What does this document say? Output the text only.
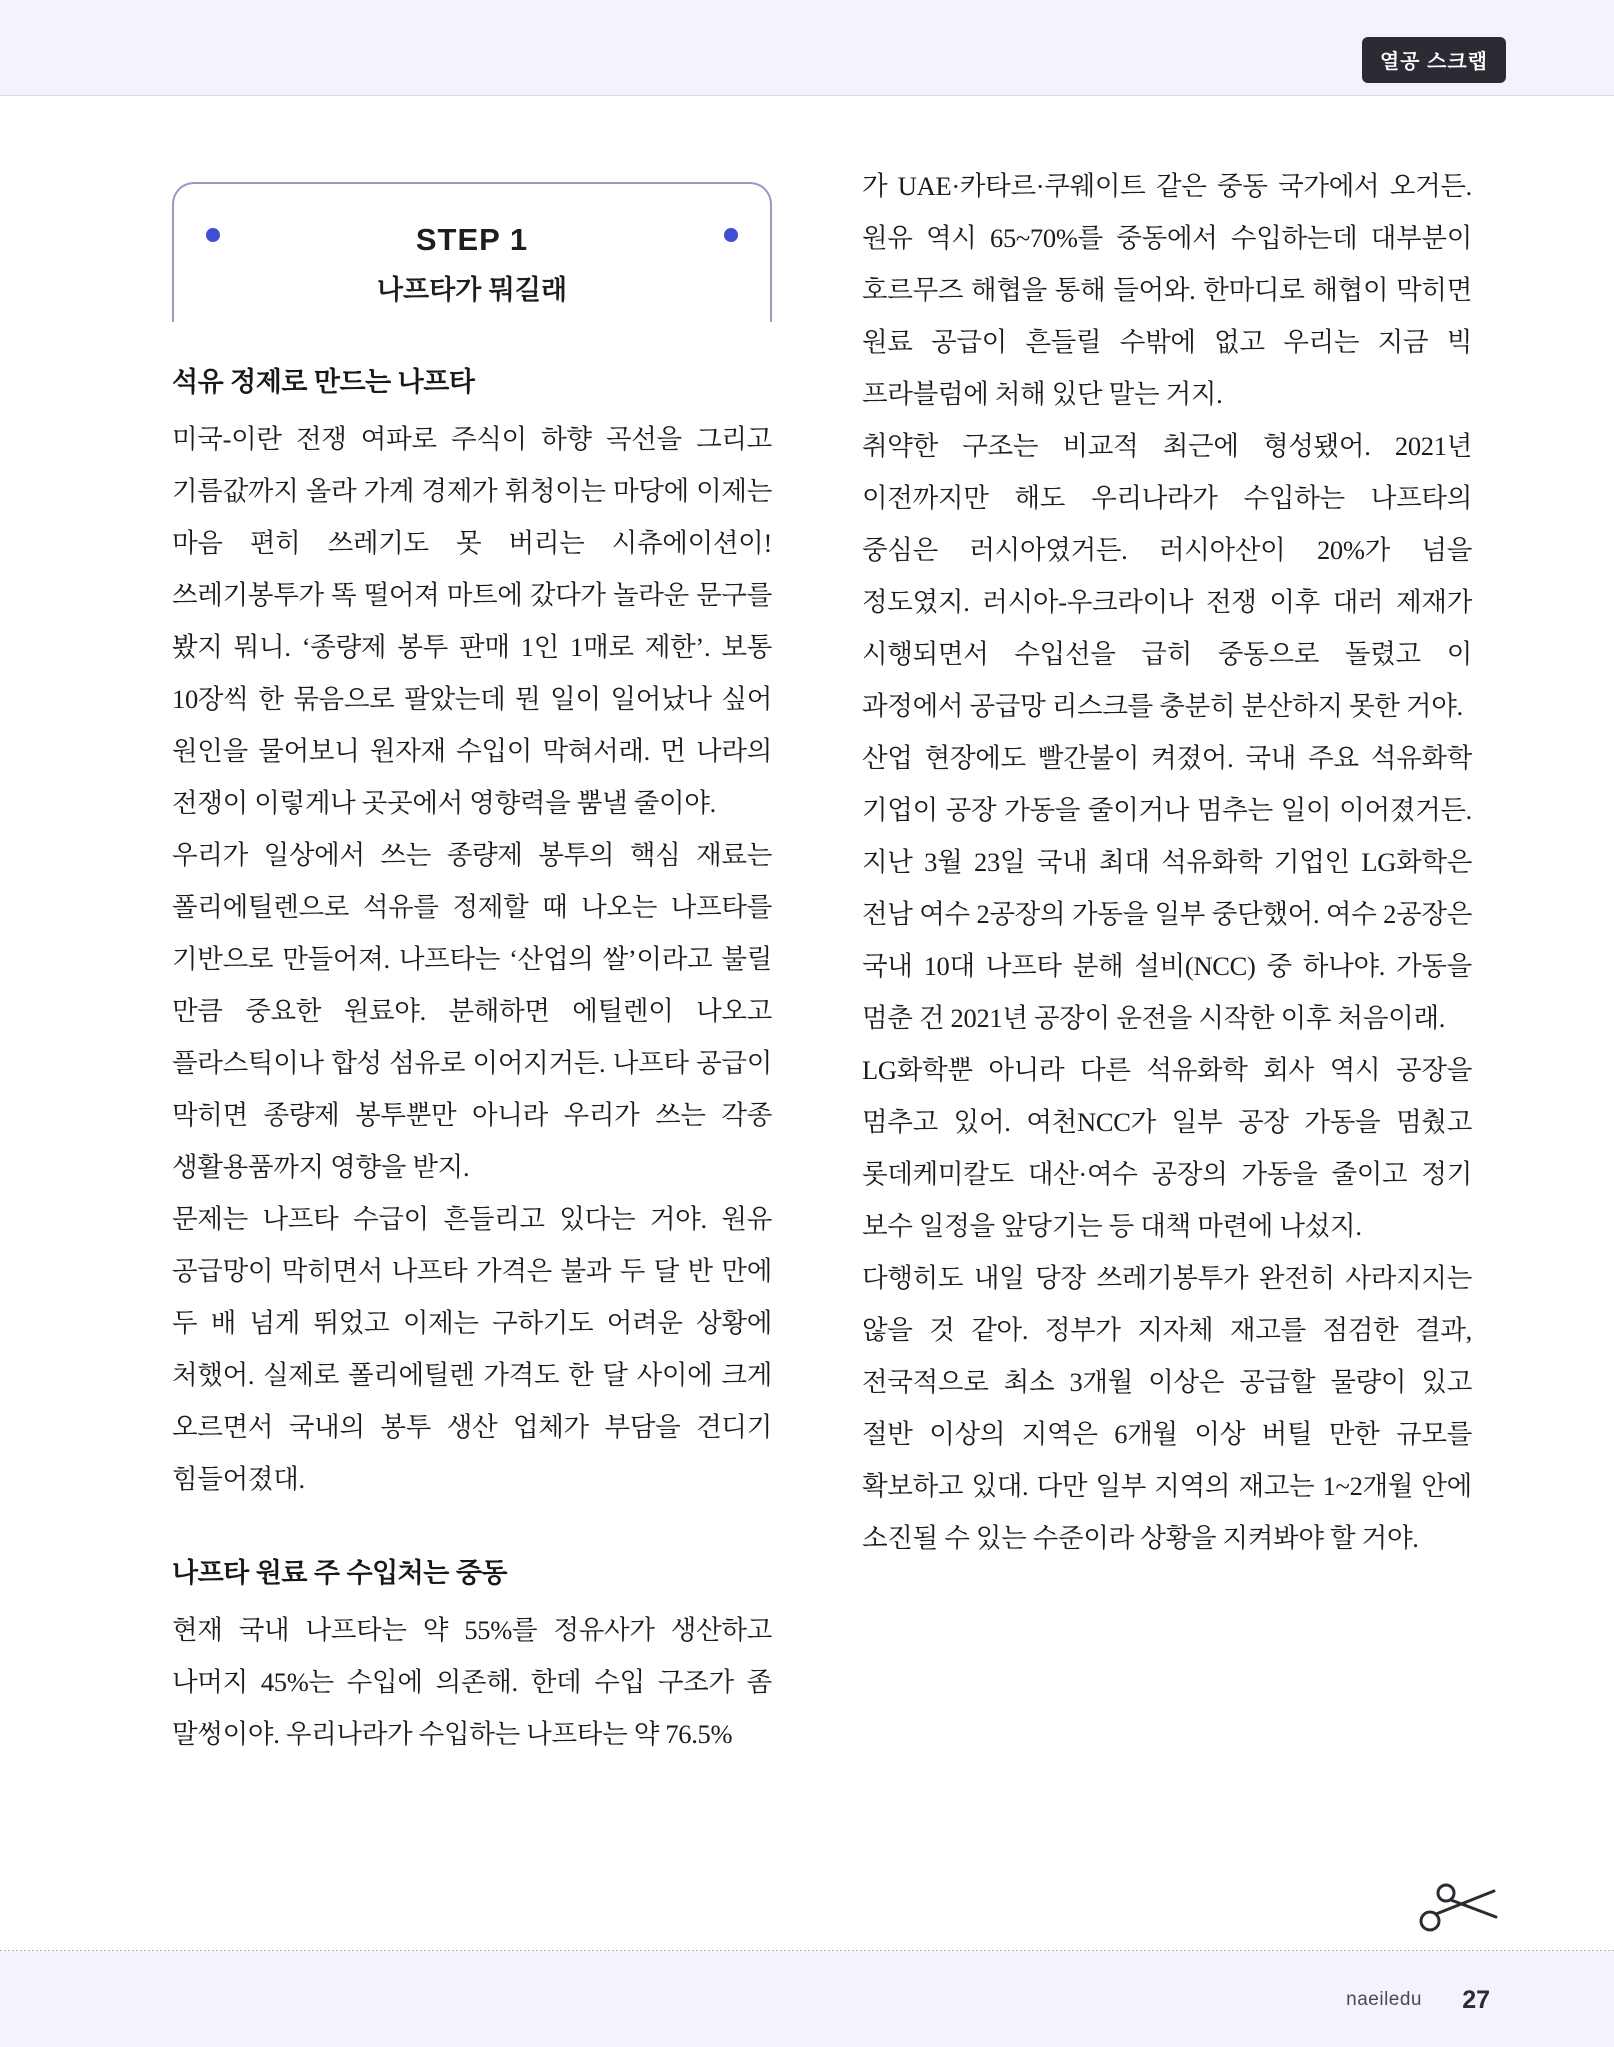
열공 스크랩
STEP 1
나프타가 뭐길래
석유 정제로 만드는 나프타

미국-이란 전쟁 여파로 주식이 하향 곡선을 그리고 기름값까지 올라 가계 경제가 휘청이는 마당에 이제는 마음 편히 쓰레기도 못 버리는 시츄에이션이! 쓰레기봉투가 똑 떨어져 마트에 갔다가 놀라운 문구를 봤지 뭐니. ‘종량제 봉투 판매 1인 1매로 제한’. 보통 10장씩 한 묶음으로 팔았는데 뭔 일이 일어났나 싶어 원인을 물어보니 원자재 수입이 막혀서래. 먼 나라의 전쟁이 이렇게나 곳곳에서 영향력을 뿜낼 줄이야.

우리가 일상에서 쓰는 종량제 봉투의 핵심 재료는 폴리에틸렌으로 석유를 정제할 때 나오는 나프타를 기반으로 만들어져. 나프타는 ‘산업의 쌀’이라고 불릴 만큼 중요한 원료야. 분해하면 에틸렌이 나오고 플라스틱이나 합성 섬유로 이어지거든. 나프타 공급이 막히면 종량제 봉투뿐만 아니라 우리가 쓰는 각종 생활용품까지 영향을 받지.

문제는 나프타 수급이 흔들리고 있다는 거야. 원유 공급망이 막히면서 나프타 가격은 불과 두 달 반 만에 두 배 넘게 뛰었고 이제는 구하기도 어려운 상황에 처했어. 실제로 폴리에틸렌 가격도 한 달 사이에 크게 오르면서 국내의 봉투 생산 업체가 부담을 견디기 힘들어졌대.

나프타 원료 주 수입처는 중동

현재 국내 나프타는 약 55%를 정유사가 생산하고 나머지 45%는 수입에 의존해. 한데 수입 구조가 좀 말썽이야. 우리나라가 수입하는 나프타는 약 76.5%

가 UAE·카타르·쿠웨이트 같은 중동 국가에서 오거든. 원유 역시 65~70%를 중동에서 수입하는데 대부분이 호르무즈 해협을 통해 들어와. 한마디로 해협이 막히면 원료 공급이 흔들릴 수밖에 없고 우리는 지금 빅 프라블럼에 처해 있단 말는 거지.

취약한 구조는 비교적 최근에 형성됐어. 2021년 이전까지만 해도 우리나라가 수입하는 나프타의 중심은 러시아였거든. 러시아산이 20%가 넘을 정도였지. 러시아-우크라이나 전쟁 이후 대러 제재가 시행되면서 수입선을 급히 중동으로 돌렸고 이 과정에서 공급망 리스크를 충분히 분산하지 못한 거야.

산업 현장에도 빨간불이 켜졌어. 국내 주요 석유화학 기업이 공장 가동을 줄이거나 멈추는 일이 이어졌거든. 지난 3월 23일 국내 최대 석유화학 기업인 LG화학은 전남 여수 2공장의 가동을 일부 중단했어. 여수 2공장은 국내 10대 나프타 분해 설비(NCC) 중 하나야. 가동을 멈춘 건 2021년 공장이 운전을 시작한 이후 처음이래.

LG화학뿐 아니라 다른 석유화학 회사 역시 공장을 멈추고 있어. 여천NCC가 일부 공장 가동을 멈췄고 롯데케미칼도 대산·여수 공장의 가동을 줄이고 정기 보수 일정을 앞당기는 등 대책 마련에 나섰지.

다행히도 내일 당장 쓰레기봉투가 완전히 사라지지는 않을 것 같아. 정부가 지자체 재고를 점검한 결과, 전국적으로 최소 3개월 이상은 공급할 물량이 있고 절반 이상의 지역은 6개월 이상 버틸 만한 규모를 확보하고 있대. 다만 일부 지역의 재고는 1~2개월 안에 소진될 수 있는 수준이라 상황을 지켜봐야 할 거야.

naeiledu 27
